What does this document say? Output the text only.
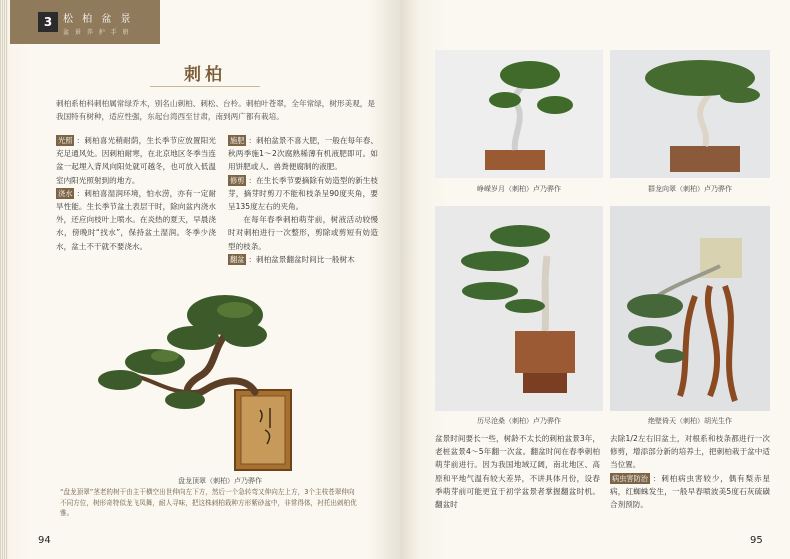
3	松 柏 盆 景
盆 景 养 护 手 册
刺柏
刺柏系柏科刺柏属常绿乔木，别名山刺柏、刺松、台柃。刺柏叶苍翠，全年常绿，树形美观，是我国特有树种，适应性强，东起台湾西至甘肃，南到两广都有栽培。

光照 ：刺柏喜光稍耐荫，生长季节应放置阳光充足通风处。因刺柏耐寒，在北京地区冬季当连盆一起埋入背风向阳处就可越冬，也可放入低温室内阳光照射到的地方。

浇水 ：刺柏喜湿润环境，怕水涝，亦有一定耐旱性能。生长季节盆土表层干时，除向盆内浇水外，还应向枝叶上喷水。在炎热的夏天，早晨浇水，傍晚时“找水”，保持盆土湿润。冬季少浇水，盆土不干就不要浇水。

施肥 ：刺柏盆景不喜大肥，一般在每年春、秋两季施1～2次腐熟稀薄有机液肥即可。如用饼肥或人、兽粪便腐制的液肥。

修剪 ：在生长季节要摘除有妨造型的新生枝芽，摘芽时剪刀不能和枝条呈90度夹角，要呈135度左右的夹角。

在每年春季刺柏萌芽前，树液活动较慢时对刺柏进行一次整形，剪除或剪短有妨造型的枝条。

翻盆 ：刺柏盆景翻盆时间比一般树木

盘龙顶翠（刺柏）卢乃骅作
“盘龙顶翠”茎老的树干由主干横空出世伸向左下方，然后一个急转弯又伸向左上方，3个主枝苍翠伸向不同方位，树形奇特似龙飞凤舞，耐人寻味，把这株刺柏栽种方形紫砂盆中，非常得体，衬托出刺柏优雅。
94
峥嵘岁月（刺柏）卢乃骅作	群龙向翠（刺柏）卢乃骅作
历尽沧桑（刺柏）卢乃骅作	绝壁倚天（刺柏）胡光生作
盆景时间要长一些，树龄不太长的刺柏盆景3年，老桩盆景4～5年翻一次盆。翻盆时间在春季刺柏萌芽前进行。因为我国地域辽阔，南北地区、高原和平地气温有较大差异，不讲具体月份，设春季萌芽前可能更宜于初学盆景者掌握翻盆时机。翻盆时

去除1/2左右旧盆土，对根系和枝条都进行一次修剪，增添部分新的培养土，把刺柏栽于盆中适当位置。

病虫害防治 ：刺柏病虫害较少，偶有梨赤星病，红蜘蛛发生，一般早春喷波美5度石灰硫磺合剂预防。

95
